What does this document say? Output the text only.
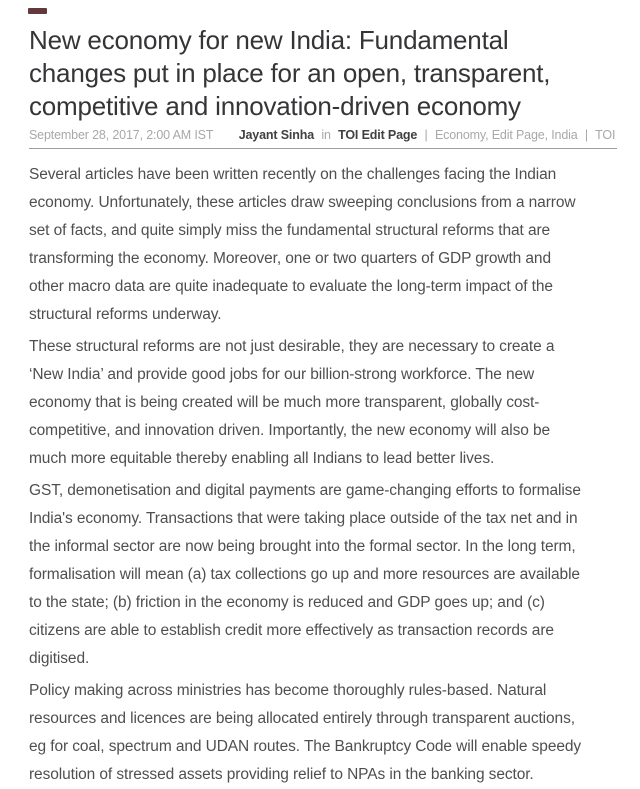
New economy for new India: Fundamental
changes put in place for an open, transparent,
competitive and innovation-driven economy
September 28, 2017, 2:00 AM IST Jayant Sinha in TOI Edit Page | Economy, Edit Page, India | TOI
Several articles have been written recently on the challenges facing the Indian
economy. Unfortunately, these articles draw sweeping conclusions from a narrow
set of facts, and quite simply miss the fundamental structural reforms that are
transforming the economy. Moreover, one or two quarters of GDP growth and
other macro data are quite inadequate to evaluate the long-term impact of the
structural reforms underway.
These structural reforms are not just desirable, they are necessary to create a
‘New India’ and provide good jobs for our billion-strong workforce. The new
economy that is being created will be much more transparent, globally cost-
competitive, and innovation driven. Importantly, the new economy will also be
much more equitable thereby enabling all Indians to lead better lives.
GST, demonetisation and digital payments are game-changing efforts to formalise
India's economy. Transactions that were taking place outside of the tax net and in
the informal sector are now being brought into the formal sector. In the long term,
formalisation will mean (a) tax collections go up and more resources are available
to the state; (b) friction in the economy is reduced and GDP goes up; and (c)
citizens are able to establish credit more effectively as transaction records are
digitised.
Policy making across ministries has become thoroughly rules-based. Natural
resources and licences are being allocated entirely through transparent auctions,
eg for coal, spectrum and UDAN routes. The Bankruptcy Code will enable speedy
resolution of stressed assets providing relief to NPAs in the banking sector.
